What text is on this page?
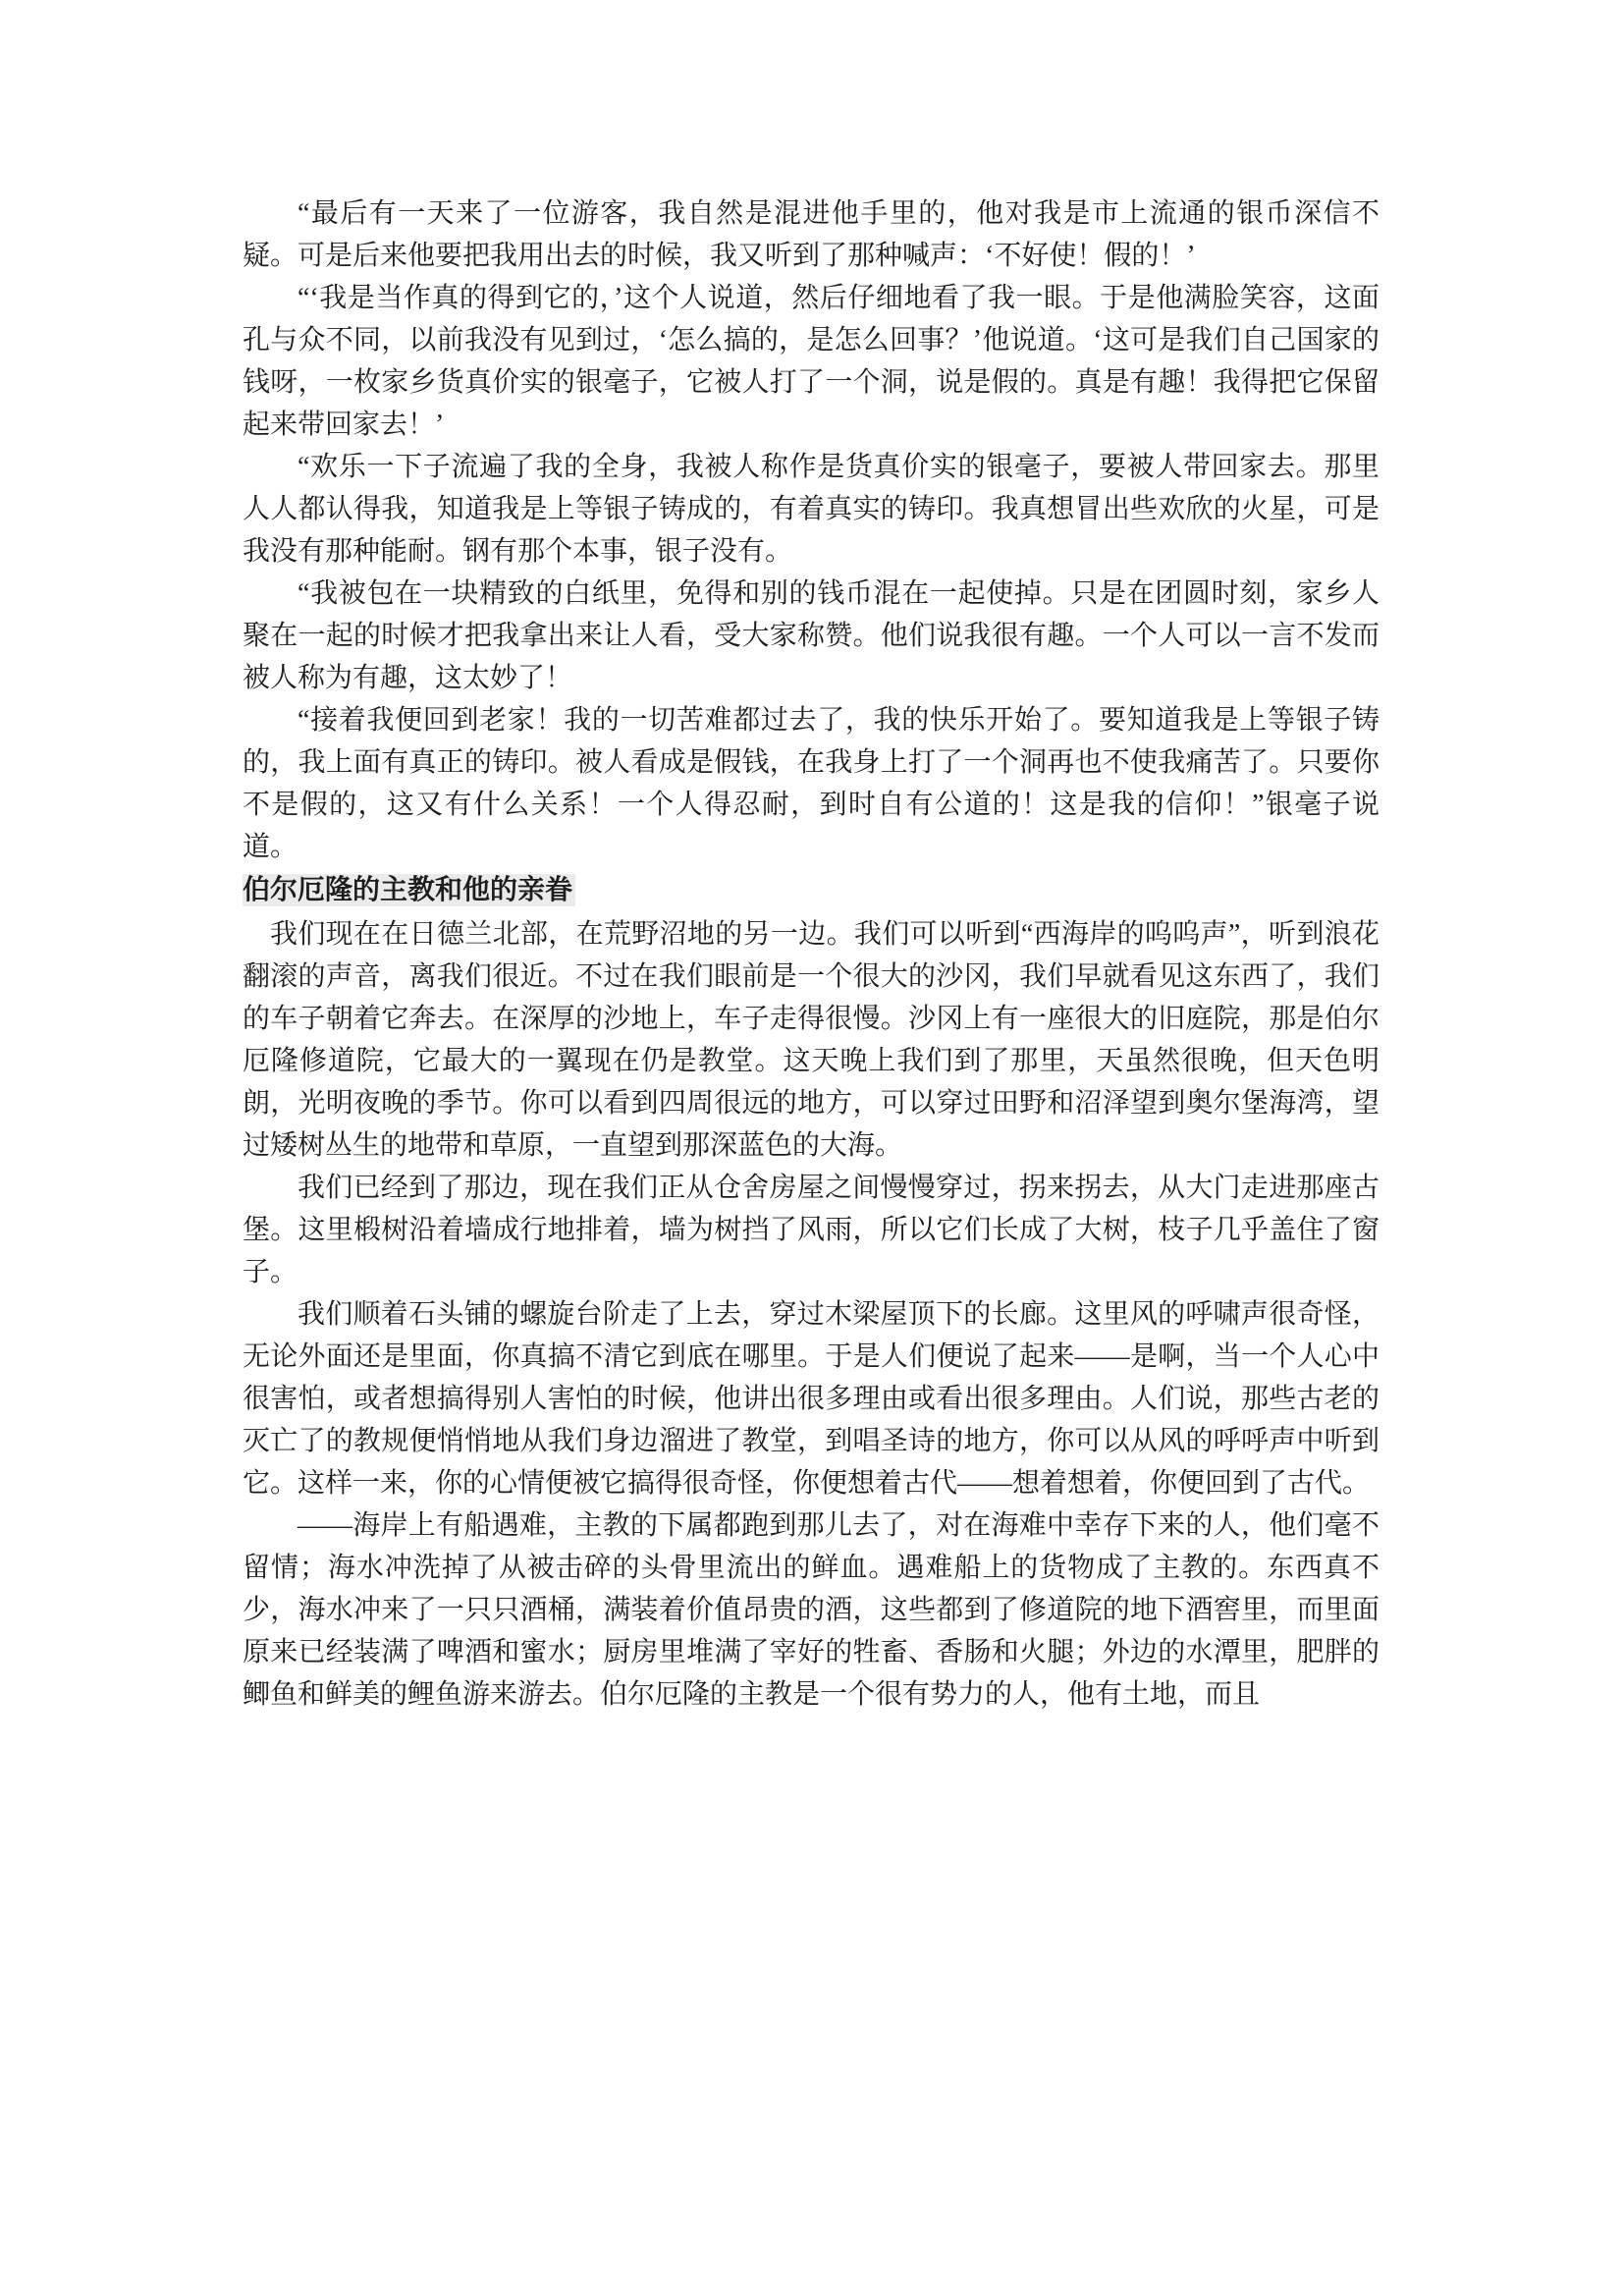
“最后有一天来了一位游客，我自然是混进他手里的，他对我是市上流通的银币深信不疑。可是后来他要把我用出去的时候，我又听到了那种喊声：‘不好使！假的！’

“‘我是当作真的得到它的，’这个人说道，然后仔细地看了我一眼。于是他满脸笑容，这面孔与众不同，以前我没有见到过，‘怎么搞的，是怎么回事？’他说道。‘这可是我们自己国家的钱呀，一枚家乡货真价实的银毫子，它被人打了一个洞，说是假的。真是有趣！我得把它保留起来带回家去！’

“欢乐一下子流遍了我的全身，我被人称作是货真价实的银毫子，要被人带回家去。那里人人都认得我，知道我是上等银子铸成的，有着真实的铸印。我真想冒出些欢欣的火星，可是我没有那种能耐。钢有那个本事，银子没有。

“我被包在一块精致的白纸里，免得和别的钱币混在一起使掉。只是在团圆时刻，家乡人聚在一起的时候才把我拿出来让人看，受大家称赞。他们说我很有趣。一个人可以一言不发而被人称为有趣，这太妙了！

“接着我便回到老家！我的一切苦难都过去了，我的快乐开始了。要知道我是上等银子铸的，我上面有真正的铸印。被人看成是假钱，在我身上打了一个洞再也不使我痛苦了。只要你不是假的，这又有什么关系！一个人得忍耐，到时自有公道的！这是我的信仰！”银毫子说道。

伯尔厄隆的主教和他的亲眷

我们现在在日德兰北部，在荒野沼地的另一边。我们可以听到“西海岸的呜呜声”，听到浪花翻滚的声音，离我们很近。不过在我们眼前是一个很大的沙冈，我们早就看见这东西了，我们的车子朝着它奔去。在深厚的沙地上，车子走得很慢。沙冈上有一座很大的旧庭院，那是伯尔厄隆修道院，它最大的一翼现在仍是教堂。这天晚上我们到了那里，天虽然很晚，但天色明朗，光明夜晚的季节。你可以看到四周很远的地方，可以穿过田野和沼泽望到奥尔堡海湾，望过矮树丛生的地带和草原，一直望到那深蓝色的大海。

我们已经到了那边，现在我们正从仓舍房屋之间慢慢穿过，拐来拐去，从大门走进那座古堡。这里椴树沿着墙成行地排着，墙为树挡了风雨，所以它们长成了大树，枝子几乎盖住了窗子。

我们顺着石头铺的螺旋台阶走了上去，穿过木梁屋顶下的长廊。这里风的呼啸声很奇怪，无论外面还是里面，你真搞不清它到底在哪里。于是人们便说了起来——是啊，当一个人心中很害怕，或者想搞得别人害怕的时候，他讲出很多理由或看出很多理由。人们说，那些古老的灭亡了的教规便悄悄地从我们身边溜进了教堂，到唱圣诗的地方，你可以从风的呼呼声中听到它。这样一来，你的心情便被它搞得很奇怪，你便想着古代——想着想着，你便回到了古代。

——海岸上有船遇难，主教的下属都跑到那儿去了，对在海难中幸存下来的人，他们毫不留情；海水冲洗掉了从被击碎的头骨里流出的鲜血。遇难船上的货物成了主教的。东西真不少，海水冲来了一只只酒桶，满装着价值昂贵的酒，这些都到了修道院的地下酒窖里，而里面原来已经装满了啤酒和蜜水；厨房里堆满了宰好的牲畜、香肠和火腿；外边的水潭里，肥胖的鲫鱼和鲜美的鲤鱼游来游去。伯尔厄隆的主教是一个很有势力的人，他有土地，而且
